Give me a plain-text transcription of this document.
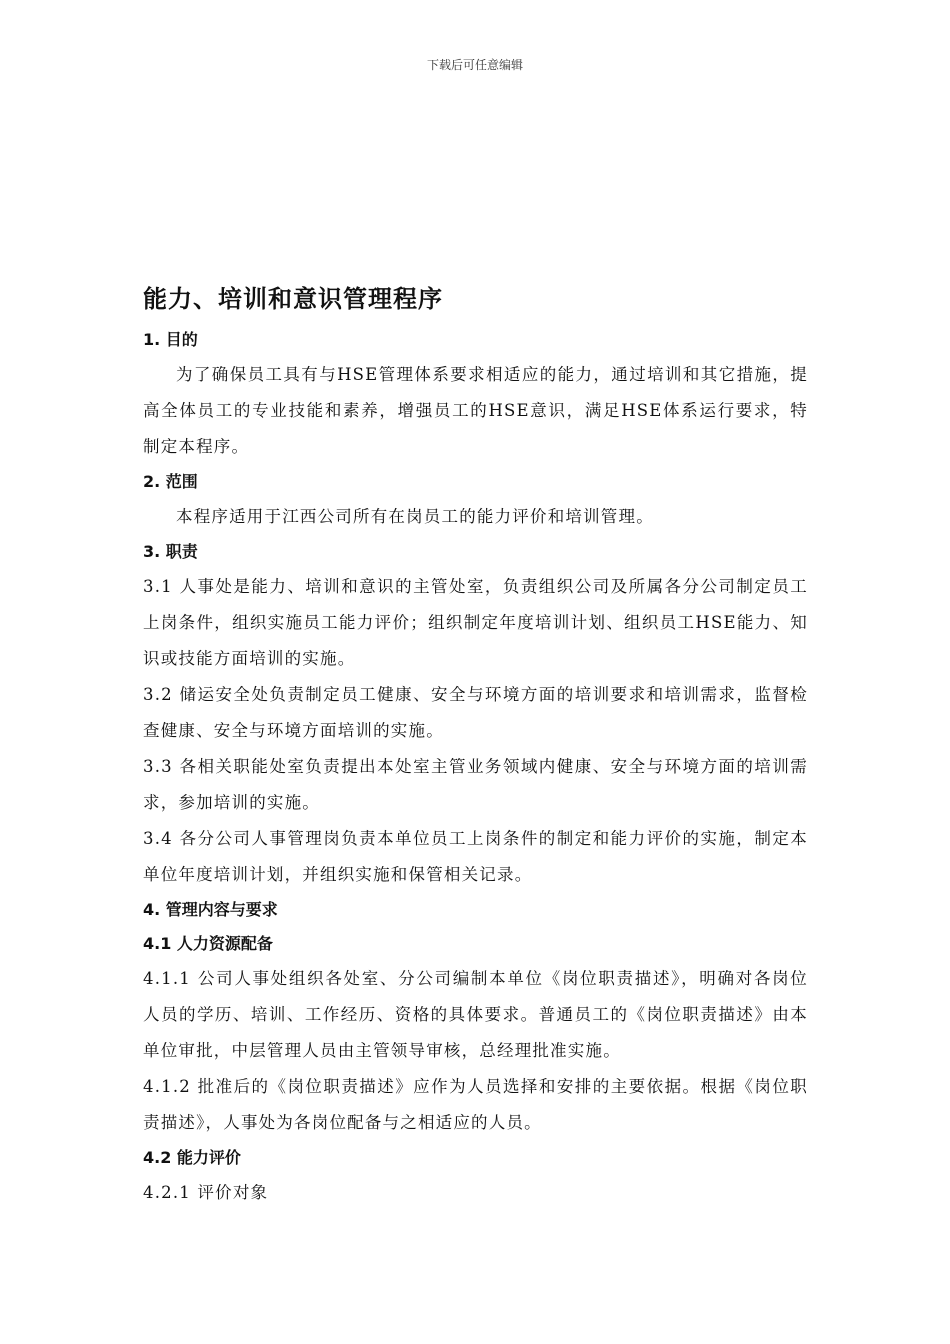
下载后可任意编辑
能力、培训和意识管理程序
1. 目的
为了确保员工具有与HSE管理体系要求相适应的能力，通过培训和其它措施，提高全体员工的专业技能和素养，增强员工的HSE意识，满足HSE体系运行要求，特制定本程序。
2. 范围
本程序适用于江西公司所有在岗员工的能力评价和培训管理。
3. 职责
3.1 人事处是能力、培训和意识的主管处室，负责组织公司及所属各分公司制定员工上岗条件，组织实施员工能力评价；组织制定年度培训计划、组织员工HSE能力、知识或技能方面培训的实施。
3.2 储运安全处负责制定员工健康、安全与环境方面的培训要求和培训需求，监督检查健康、安全与环境方面培训的实施。
3.3 各相关职能处室负责提出本处室主管业务领域内健康、安全与环境方面的培训需求，参加培训的实施。
3.4 各分公司人事管理岗负责本单位员工上岗条件的制定和能力评价的实施，制定本单位年度培训计划，并组织实施和保管相关记录。
4. 管理内容与要求
4.1 人力资源配备
4.1.1 公司人事处组织各处室、分公司编制本单位《岗位职责描述》，明确对各岗位人员的学历、培训、工作经历、资格的具体要求。普通员工的《岗位职责描述》由本单位审批，中层管理人员由主管领导审核，总经理批准实施。
4.1.2 批准后的《岗位职责描述》应作为人员选择和安排的主要依据。根据《岗位职责描述》，人事处为各岗位配备与之相适应的人员。
4.2 能力评价
4.2.1 评价对象
